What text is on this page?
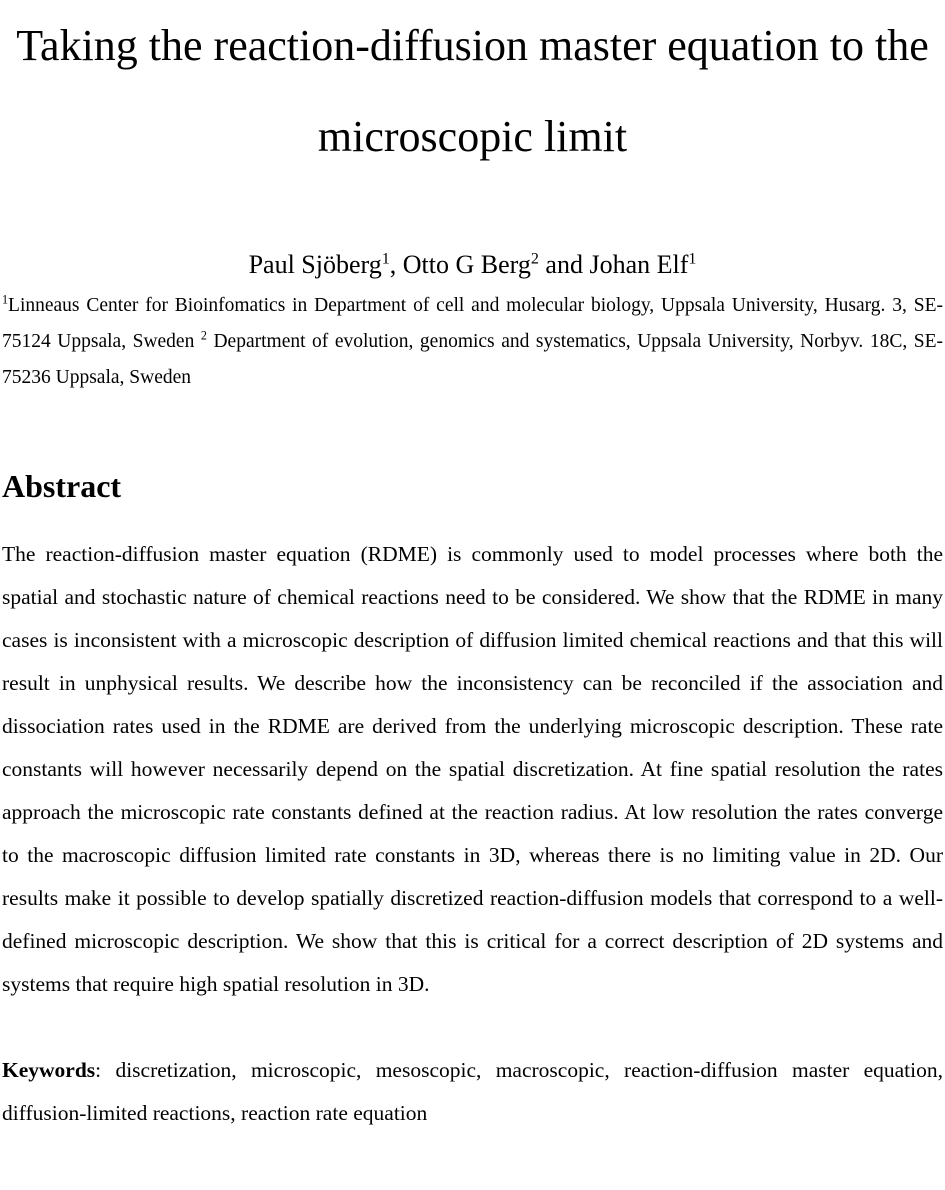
Taking the reaction-diffusion master equation to the microscopic limit

Paul Sjöberg$^1$, Otto G Berg$^2$ and Johan Elf$^1$

$^1$Linneaus Center for Bioinfomatics in Department of cell and molecular biology, Uppsala University, Husarg. 3, SE-75124 Uppsala, Sweden $^2$ Department of evolution, genomics and systematics, Uppsala University, Norbyv. 18C, SE-75236 Uppsala, Sweden

Abstract

The reaction-diffusion master equation (RDME) is commonly used to model processes where both the spatial and stochastic nature of chemical reactions need to be considered. We show that the RDME in many cases is inconsistent with a microscopic description of diffusion limited chemical reactions and that this will result in unphysical results. We describe how the inconsistency can be reconciled if the association and dissociation rates used in the RDME are derived from the underlying microscopic description. These rate constants will however necessarily depend on the spatial discretization. At fine spatial resolution the rates approach the microscopic rate constants defined at the reaction radius. At low resolution the rates converge to the macroscopic diffusion limited rate constants in 3D, whereas there is no limiting value in 2D. Our results make it possible to develop spatially discretized reaction-diffusion models that correspond to a well-defined microscopic description. We show that this is critical for a correct description of 2D systems and systems that require high spatial resolution in 3D.

Keywords: discretization, microscopic, mesoscopic, macroscopic, reaction-diffusion master equation, diffusion-limited reactions, reaction rate equation
